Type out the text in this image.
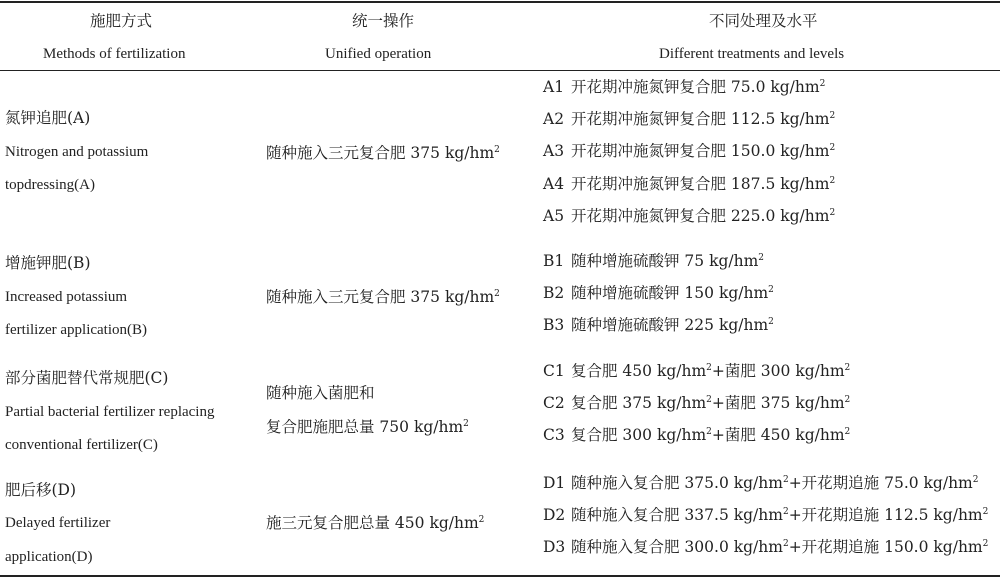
施肥方式
Methods of fertilization
统一操作
Unified operation
不同处理及水平
Different treatments and levels
氮钾追肥(A)
Nitrogen and potassium
topdressing(A)
随种施入三元复合肥 375 $kg/hm^2$
A1 开花期冲施氮钾复合肥 75.0 $kg/hm^2$
A2 开花期冲施氮钾复合肥 112.5 $kg/hm^2$
A3 开花期冲施氮钾复合肥 150.0 $kg/hm^2$
A4 开花期冲施氮钾复合肥 187.5 $kg/hm^2$
A5 开花期冲施氮钾复合肥 225.0 $kg/hm^2$
增施钾肥(B)
Increased potassium
fertilizer application(B)
随种施入三元复合肥 375 $kg/hm^2$
B1 随种增施硫酸钾 75 $kg/hm^2$
B2 随种增施硫酸钾 150 $kg/hm^2$
B3 随种增施硫酸钾 225 $kg/hm^2$
部分菌肥替代常规肥(C)
Partial bacterial fertilizer replacing
conventional fertilizer(C)
随种施入菌肥和
复合肥施肥总量 750 $kg/hm^2$
C1 复合肥 450 $kg/hm^2+$菌肥 300 $kg/hm^2$
C2 复合肥 375 $kg/hm^2+$菌肥 375 $kg/hm^2$
C3 复合肥 300 $kg/hm^2+$菌肥 450 $kg/hm^2$
肥后移(D)
Delayed fertilizer
application(D)
施三元复合肥总量 450 $kg/hm^2$
D1 随种施入复合肥 375.0 $kg/hm^2+$开花期追施 75.0 $kg/hm^2$
D2 随种施入复合肥 337.5 $kg/hm^2+$开花期追施 112.5 $kg/hm^2$
D3 随种施入复合肥 300.0 $kg/hm^2+$开花期追施 150.0 $kg/hm^2$
